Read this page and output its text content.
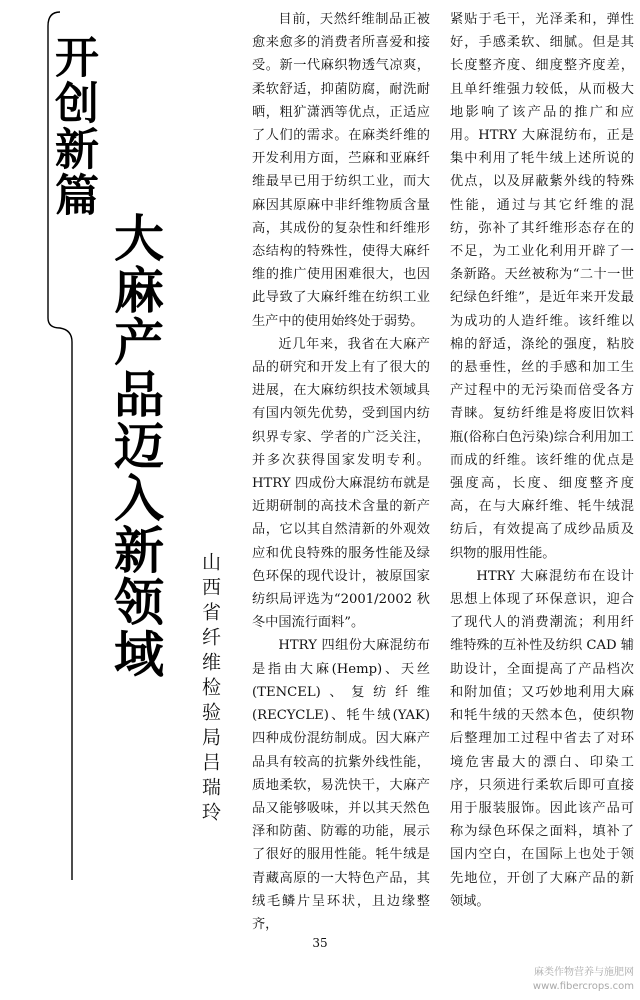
开创新篇
大麻产品迈入新领域 山西省纤维检验局
吕瑞玲

目前，天然纤维制品正被愈来愈多的消费者所喜爱和接受。新一代麻织物透气凉爽，柔软舒适，抑菌防腐，耐洗耐晒，粗犷潇洒等优点，正适应了人们的需求。在麻类纤维的开发利用方面，苎麻和亚麻纤维最早已用于纺织工业，而大麻因其原麻中非纤维物质含量高，其成份的复杂性和纤维形态结构的特殊性，使得大麻纤维的推广使用困难很大，也因此导致了大麻纤维在纺织工业生产中的使用始终处于弱势。

近几年来，我省在大麻产品的研究和开发上有了很大的进展，在大麻纺织技术领域具有国内领先优势，受到国内纺织界专家、学者的广泛关注，并多次获得国家发明专利。HTRY 四成份大麻混纺布就是近期研制的高技术含量的新产品，它以其自然清新的外观效应和优良特殊的服务性能及绿色环保的现代设计，被原国家纺织局评选为“2001/2002 秋冬中国流行面料”。

HTRY 四组份大麻混纺布是指由大麻(Hemp)、天丝(TENCEL)、复纺纤维(RECYCLE)、牦牛绒(YAK)四种成份混纺制成。因大麻产品具有较高的抗紫外线性能，质地柔软，易洗快干，大麻产品又能够吸味，并以其天然色泽和防菌、防霉的功能，展示了很好的服用性能。牦牛绒是青藏高原的一大特色产品，其绒毛鳞片呈环状，且边缘整齐，

紧贴于毛干，光泽柔和，弹性好，手感柔软、细腻。但是其长度整齐度、细度整齐度差，且单纤维强力较低，从而极大地影响了该产品的推广和应用。HTRY 大麻混纺布，正是集中利用了牦牛绒上述所说的优点，以及屏蔽紫外线的特殊性能，通过与其它纤维的混纺，弥补了其纤维形态存在的不足，为工业化利用开辟了一条新路。天丝被称为“二十一世纪绿色纤维”，是近年来开发最为成功的人造纤维。该纤维以棉的舒适，涤纶的强度，粘胶的悬垂性，丝的手感和加工生产过程中的无污染而倍受各方青睐。复纺纤维是将废旧饮料瓶(俗称白色污染)综合利用加工而成的纤维。该纤维的优点是强度高，长度、细度整齐度高，在与大麻纤维、牦牛绒混纺后，有效提高了成纱品质及织物的服用性能。

HTRY 大麻混纺布在设计思想上体现了环保意识，迎合了现代人的消费潮流；利用纤维特殊的互补性及纺织 CAD 辅助设计，全面提高了产品档次和附加值；又巧妙地利用大麻和牦牛绒的天然本色，使织物后整理加工过程中省去了对环境危害最大的漂白、印染工序，只须进行柔软后即可直接用于服装服饰。因此该产品可称为绿色环保之面料，填补了国内空白，在国际上也处于领先地位，开创了大麻产品的新领域。

35
麻类作物营养与施肥网 www.fibercrops.com
